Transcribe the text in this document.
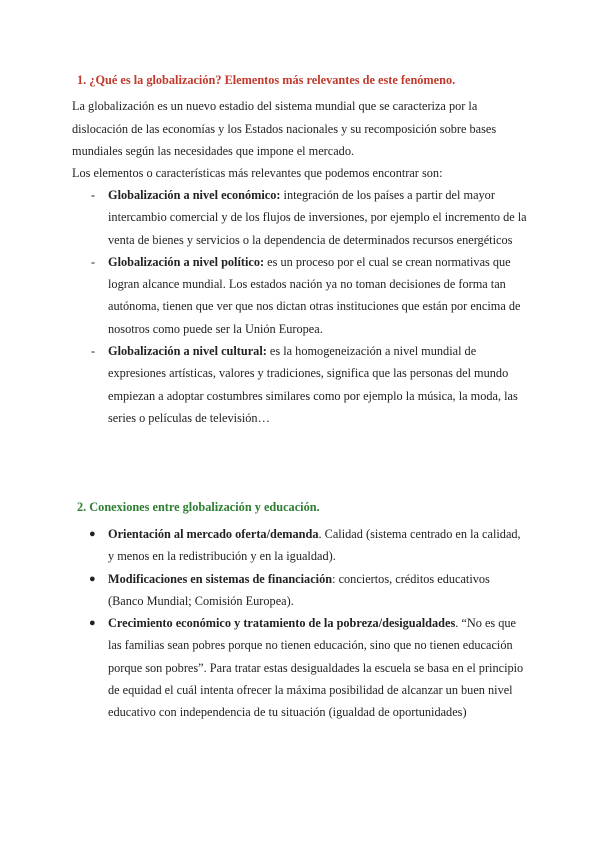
1. ¿Qué es la globalización? Elementos más relevantes de este fenómeno.

La globalización es un nuevo estadio del sistema mundial que se caracteriza por la dislocación de las economías y los Estados nacionales y su recomposición sobre bases mundiales según las necesidades que impone el mercado.

Los elementos o características más relevantes que podemos encontrar son:

- Globalización a nivel económico: integración de los países a partir del mayor intercambio comercial y de los flujos de inversiones, por ejemplo el incremento de la venta de bienes y servicios o la dependencia de determinados recursos energéticos
- Globalización a nivel político: es un proceso por el cual se crean normativas que logran alcance mundial. Los estados nación ya no toman decisiones de forma tan autónoma, tienen que ver que nos dictan otras instituciones que están por encima de nosotros como puede ser la Unión Europea.
- Globalización a nivel cultural: es la homogeneización a nivel mundial de expresiones artísticas, valores y tradiciones, significa que las personas del mundo empiezan a adoptar costumbres similares como por ejemplo la música, la moda, las series o películas de televisión…
2. Conexiones entre globalización y educación.
● Orientación al mercado oferta/demanda. Calidad (sistema centrado en la calidad, y menos en la redistribución y en la igualdad).
● Modificaciones en sistemas de financiación: conciertos, créditos educativos (Banco Mundial; Comisión Europea).
● Crecimiento económico y tratamiento de la pobreza/desigualdades. “No es que las familias sean pobres porque no tienen educación, sino que no tienen educación porque son pobres”. Para tratar estas desigualdades la escuela se basa en el principio de equidad el cuál intenta ofrecer la máxima posibilidad de alcanzar un buen nivel educativo con independencia de tu situación (igualdad de oportunidades)
